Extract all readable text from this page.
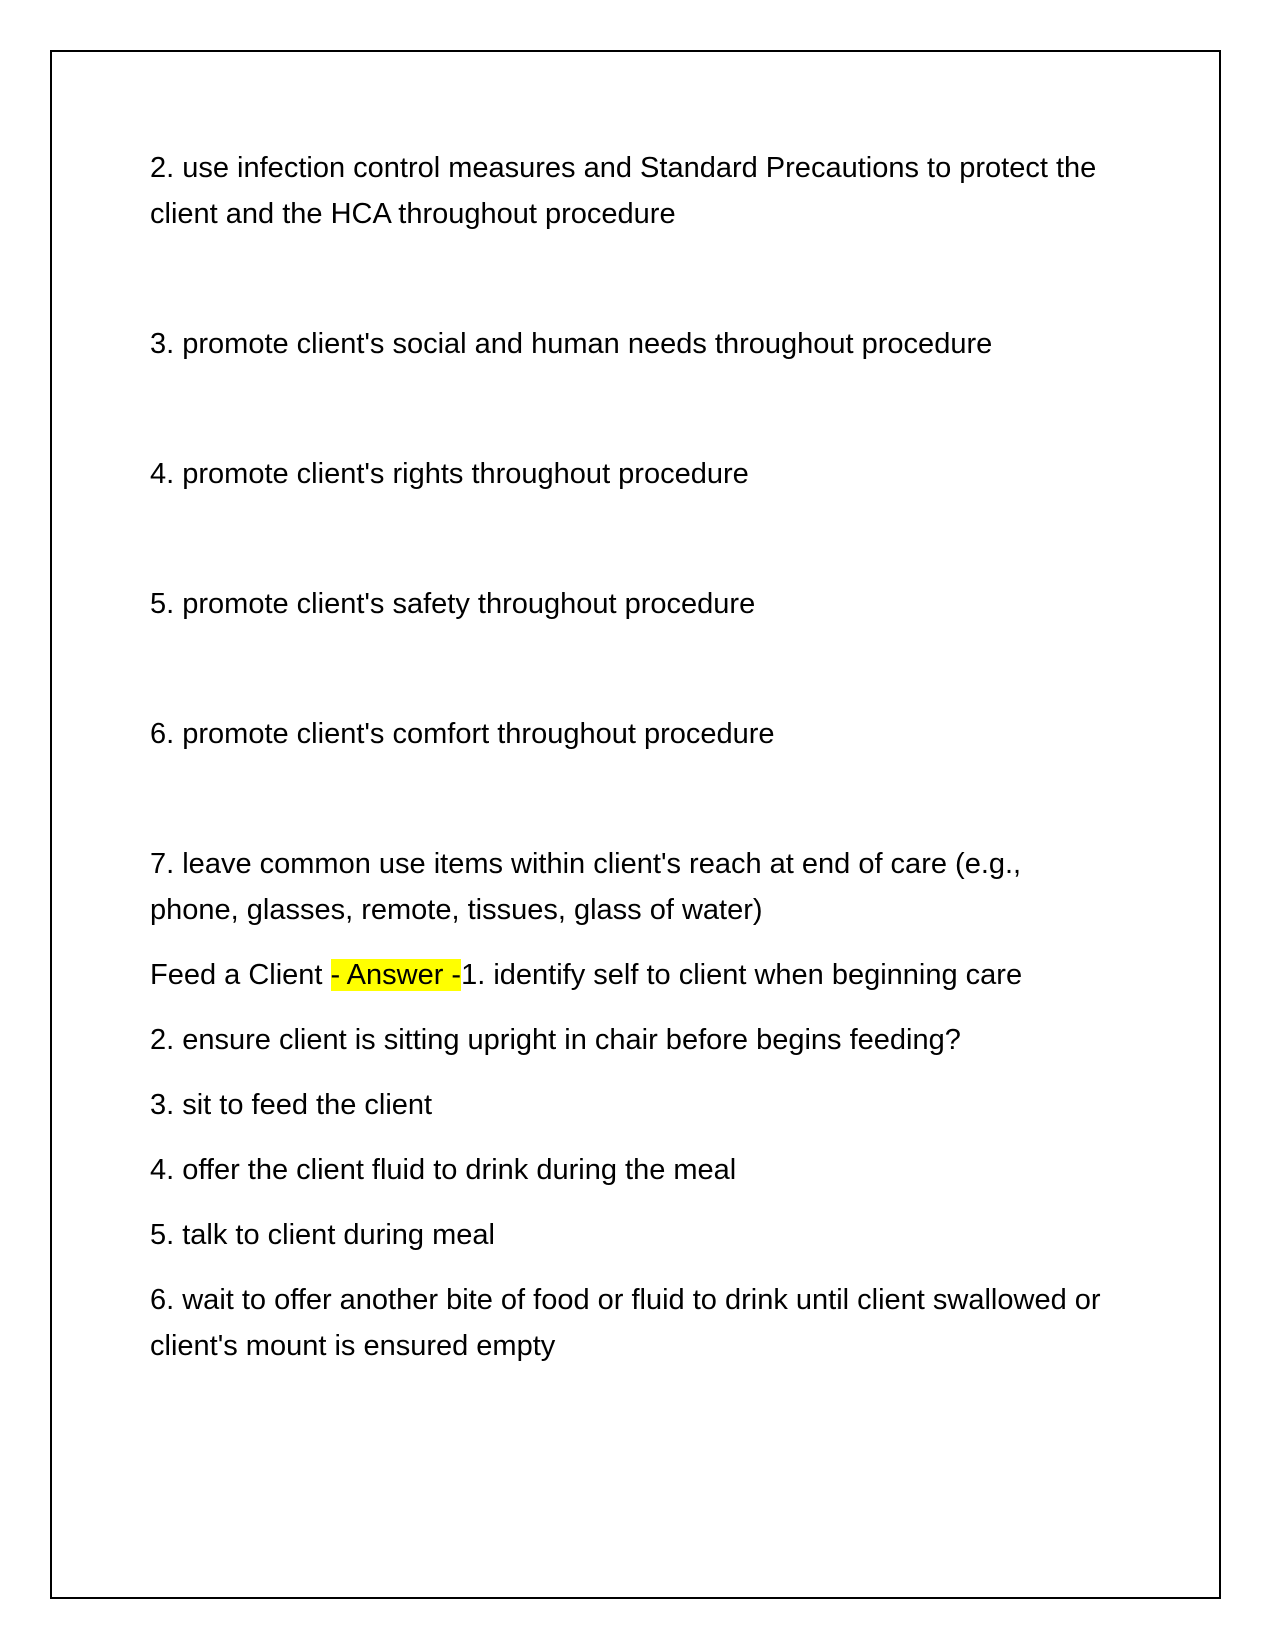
2. use infection control measures and Standard Precautions to protect the client and the HCA throughout procedure

3. promote client's social and human needs throughout procedure

4. promote client's rights throughout procedure

5. promote client's safety throughout procedure

6. promote client's comfort throughout procedure

7. leave common use items within client's reach at end of care (e.g., phone, glasses, remote, tissues, glass of water)

Feed a Client - Answer -1. identify self to client when beginning care

2. ensure client is sitting upright in chair before begins feeding?

3. sit to feed the client

4. offer the client fluid to drink during the meal

5. talk to client during meal

6. wait to offer another bite of food or fluid to drink until client swallowed or client's mount is ensured empty
